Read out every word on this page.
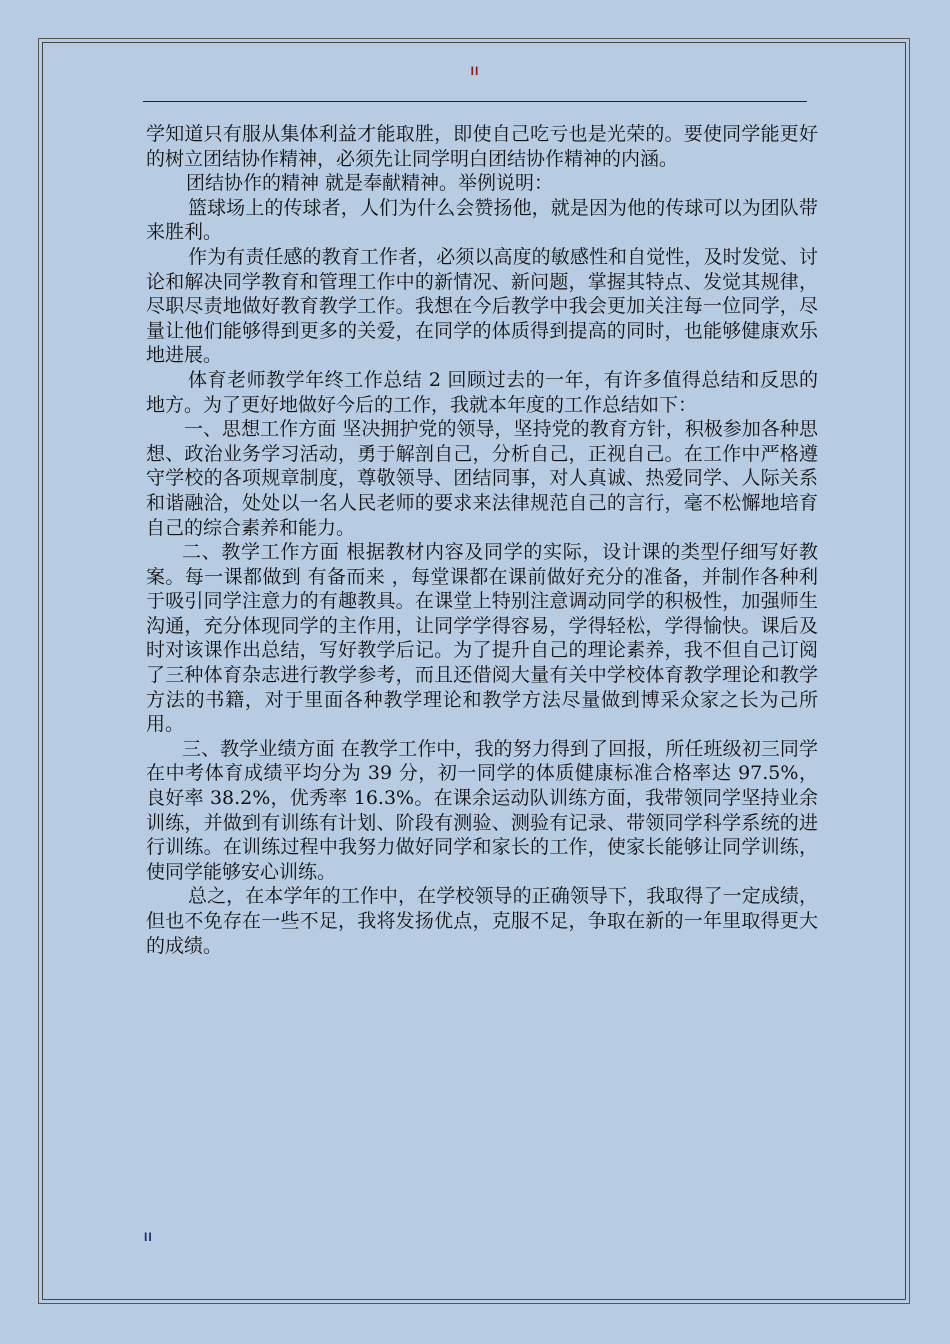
II

学知道只有服从集体利益才能取胜，即使自己吃亏也是光荣的。要使同学能更好的树立团结协作精神，必须先让同学明白团结协作精神的内涵。

团结协作的精神 就是奉献精神。举例说明：

篮球场上的传球者，人们为什么会赞扬他，就是因为他的传球可以为团队带来胜利。

作为有责任感的教育工作者，必须以高度的敏感性和自觉性，及时发觉、讨论和解决同学教育和管理工作中的新情况、新问题，掌握其特点、发觉其规律，尽职尽责地做好教育教学工作。我想在今后教学中我会更加关注每一位同学，尽量让他们能够得到更多的关爱，在同学的体质得到提高的同时，也能够健康欢乐地进展。

体育老师教学年终工作总结 2 回顾过去的一年，有许多值得总结和反思的地方。为了更好地做好今后的工作，我就本年度的工作总结如下：

一、思想工作方面 坚决拥护党的领导，坚持党的教育方针，积极参加各种思想、政治业务学习活动，勇于解剖自己，分析自己，正视自己。在工作中严格遵守学校的各项规章制度，尊敬领导、团结同事，对人真诚、热爱同学、人际关系和谐融洽，处处以一名人民老师的要求来法律规范自己的言行，毫不松懈地培育自己的综合素养和能力。

二、教学工作方面 根据教材内容及同学的实际，设计课的类型仔细写好教案。每一课都做到 有备而来 ，每堂课都在课前做好充分的准备，并制作各种利于吸引同学注意力的有趣教具。在课堂上特别注意调动同学的积极性，加强师生沟通，充分体现同学的主作用，让同学学得容易，学得轻松，学得愉快。课后及时对该课作出总结，写好教学后记。为了提升自己的理论素养，我不但自己订阅了三种体育杂志进行教学参考，而且还借阅大量有关中学校体育教学理论和教学方法的书籍，对于里面各种教学理论和教学方法尽量做到博采众家之长为己所用。

三、教学业绩方面 在教学工作中，我的努力得到了回报，所任班级初三同学在中考体育成绩平均分为 39 分，初一同学的体质健康标准合格率达 97.5%，良好率 38.2%，优秀率 16.3%。在课余运动队训练方面，我带领同学坚持业余训练，并做到有训练有计划、阶段有测验、测验有记录、带领同学科学系统的进行训练。在训练过程中我努力做好同学和家长的工作，使家长能够让同学训练，使同学能够安心训练。

总之，在本学年的工作中，在学校领导的正确领导下，我取得了一定成绩，但也不免存在一些不足，我将发扬优点，克服不足，争取在新的一年里取得更大的成绩。

II
